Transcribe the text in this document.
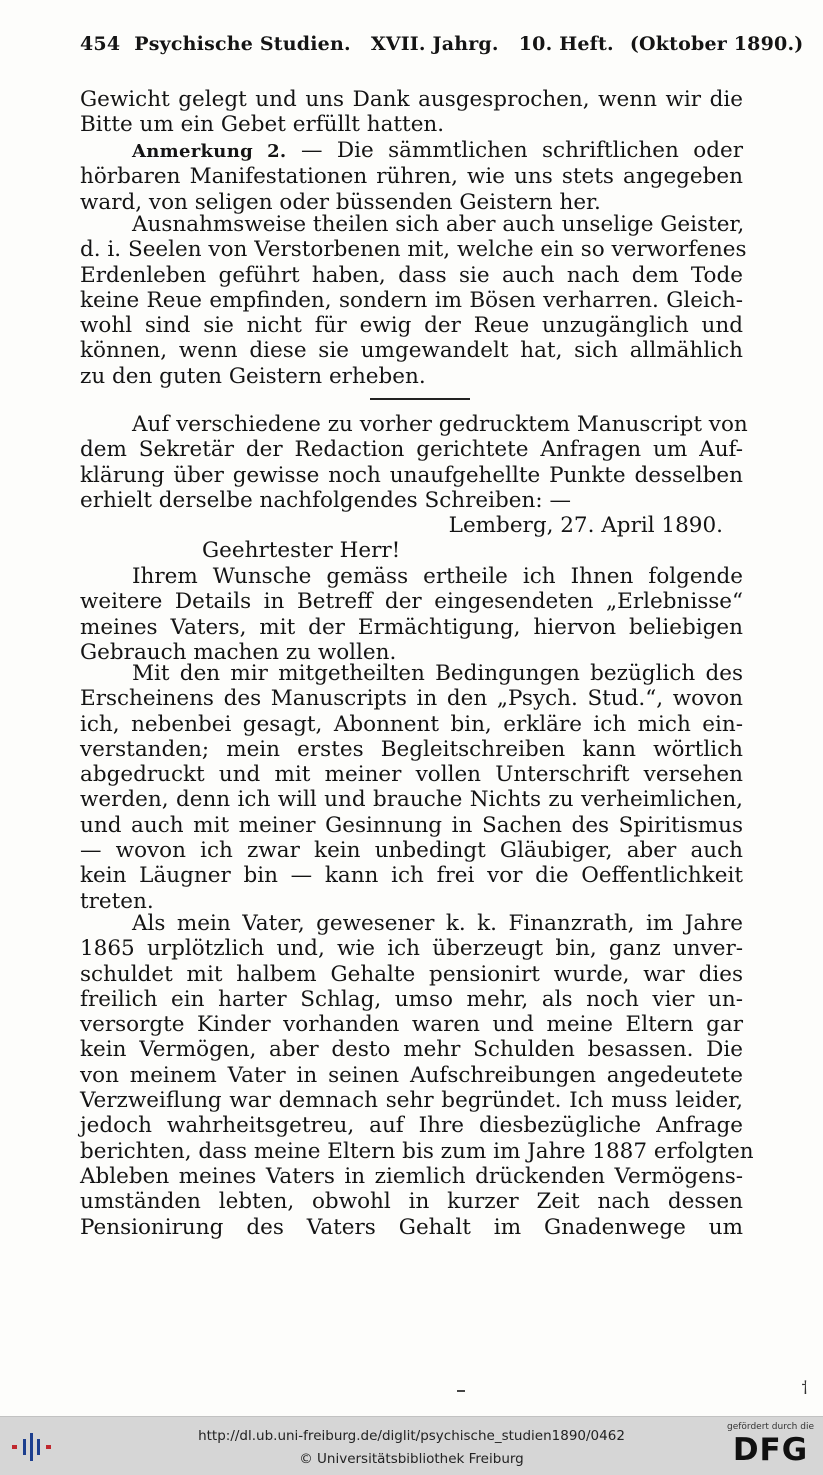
454 Psychische Studien. XVII. Jahrg. 10. Heft. (Oktober 1890.)
Gewicht gelegt und uns Dank ausgesprochen, wenn wir die
Bitte um ein Gebet erfüllt hatten.
Anmerkung 2. — Die sämmtlichen schriftlichen oder
hörbaren Manifestationen rühren, wie uns stets angegeben
ward, von seligen oder büssenden Geistern her.
Ausnahmsweise theilen sich aber auch unselige Geister,
d. i. Seelen von Verstorbenen mit, welche ein so verworfenes
Erdenleben geführt haben, dass sie auch nach dem Tode
keine Reue empfinden, sondern im Bösen verharren. Gleich-
wohl sind sie nicht für ewig der Reue unzugänglich und
können, wenn diese sie umgewandelt hat, sich allmählich
zu den guten Geistern erheben.
Auf verschiedene zu vorher gedrucktem Manuscript von
dem Sekretär der Redaction gerichtete Anfragen um Auf-
klärung über gewisse noch unaufgehellte Punkte desselben
erhielt derselbe nachfolgendes Schreiben: —
Lemberg, 27. April 1890.
Geehrtester Herr!
Ihrem Wunsche gemäss ertheile ich Ihnen folgende
weitere Details in Betreff der eingesendeten „Erlebnisse“
meines Vaters, mit der Ermächtigung, hiervon beliebigen
Gebrauch machen zu wollen.
Mit den mir mitgetheilten Bedingungen bezüglich des
Erscheinens des Manuscripts in den „Psych. Stud.“, wovon
ich, nebenbei gesagt, Abonnent bin, erkläre ich mich ein-
verstanden; mein erstes Begleitschreiben kann wörtlich
abgedruckt und mit meiner vollen Unterschrift versehen
werden, denn ich will und brauche Nichts zu verheimlichen,
und auch mit meiner Gesinnung in Sachen des Spiritismus
— wovon ich zwar kein unbedingt Gläubiger, aber auch
kein Läugner bin — kann ich frei vor die Oeffentlichkeit
treten.
Als mein Vater, gewesener k. k. Finanzrath, im Jahre
1865 urplötzlich und, wie ich überzeugt bin, ganz unver-
schuldet mit halbem Gehalte pensionirt wurde, war dies
freilich ein harter Schlag, umso mehr, als noch vier un-
versorgte Kinder vorhanden waren und meine Eltern gar
kein Vermögen, aber desto mehr Schulden besassen. Die
von meinem Vater in seinen Aufschreibungen angedeutete
Verzweiflung war demnach sehr begründet. Ich muss leider,
jedoch wahrheitsgetreu, auf Ihre diesbezügliche Anfrage
berichten, dass meine Eltern bis zum im Jahre 1887 erfolgten
Ableben meines Vaters in ziemlich drückenden Vermögens-
umständen lebten, obwohl in kurzer Zeit nach dessen
Pensionirung des Vaters Gehalt im Gnadenwege um
⸶
http://dl.ub.uni-freiburg.de/diglit/psychische_studien1890/0462
© Universitätsbibliothek Freiburg
gefördert durch die
DFG
